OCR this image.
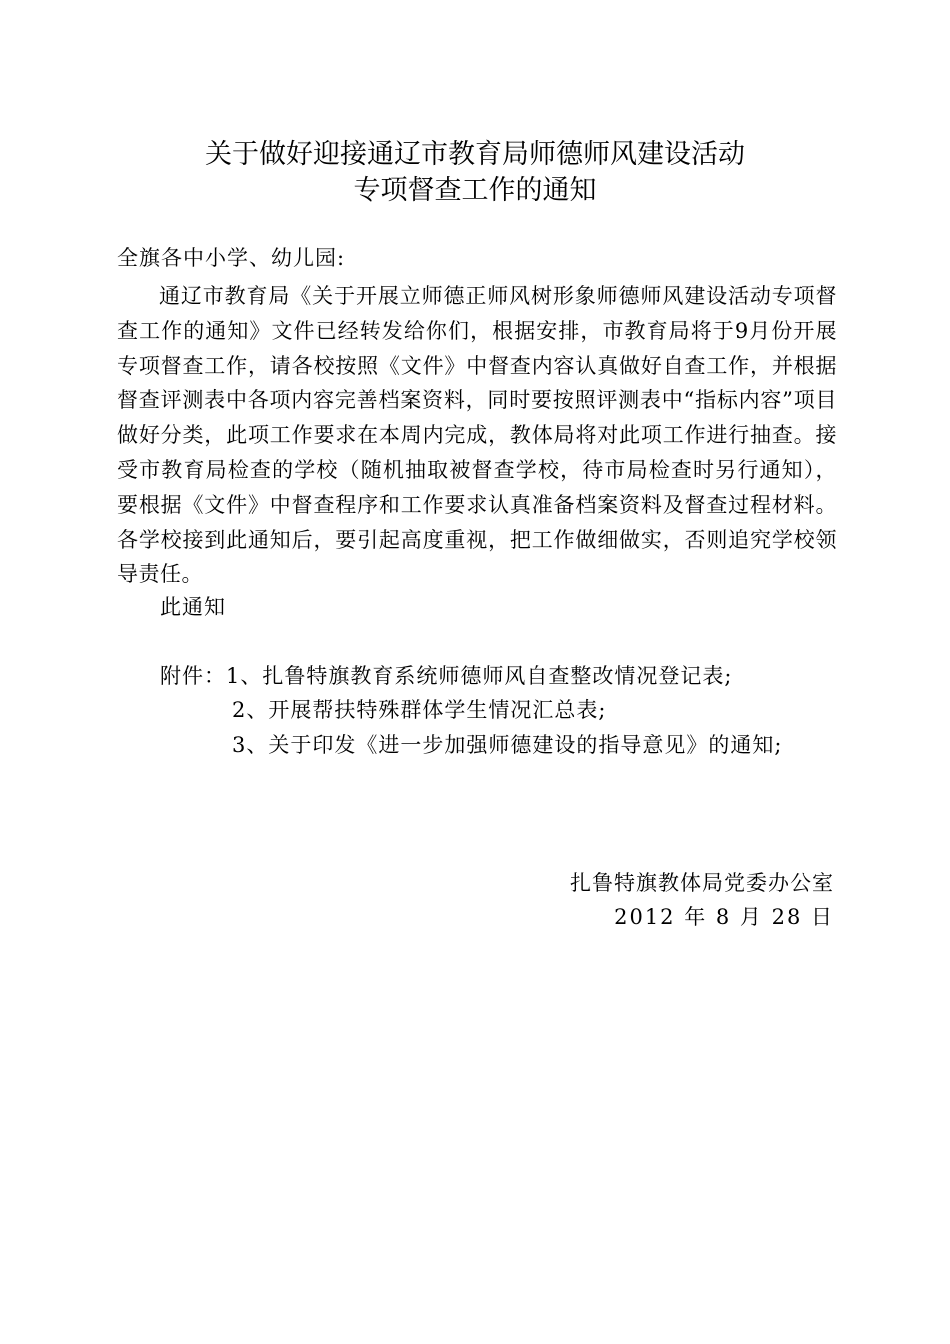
关于做好迎接通辽市教育局师德师风建设活动
专项督查工作的通知
全旗各中小学、幼儿园:

通辽市教育局《关于开展立师德正师风树形象师德师风建设活动专项督查工作的通知》文件已经转发给你们，根据安排，市教育局将于9月份开展专项督查工作，请各校按照《文件》中督查内容认真做好自查工作，并根据督查评测表中各项内容完善档案资料，同时要按照评测表中“指标内容”项目做好分类，此项工作要求在本周内完成，教体局将对此项工作进行抽查。接受市教育局检查的学校（随机抽取被督查学校，待市局检查时另行通知），要根据《文件》中督查程序和工作要求认真准备档案资料及督查过程材料。各学校接到此通知后，要引起高度重视，把工作做细做实，否则追究学校领导责任。

此通知
附件：1、扎鲁特旗教育系统师德师风自查整改情况登记表;
2、开展帮扶特殊群体学生情况汇总表;
3、关于印发《进一步加强师德建设的指导意见》的通知;
扎鲁特旗教体局党委办公室
2012 年 8 月 28 日
